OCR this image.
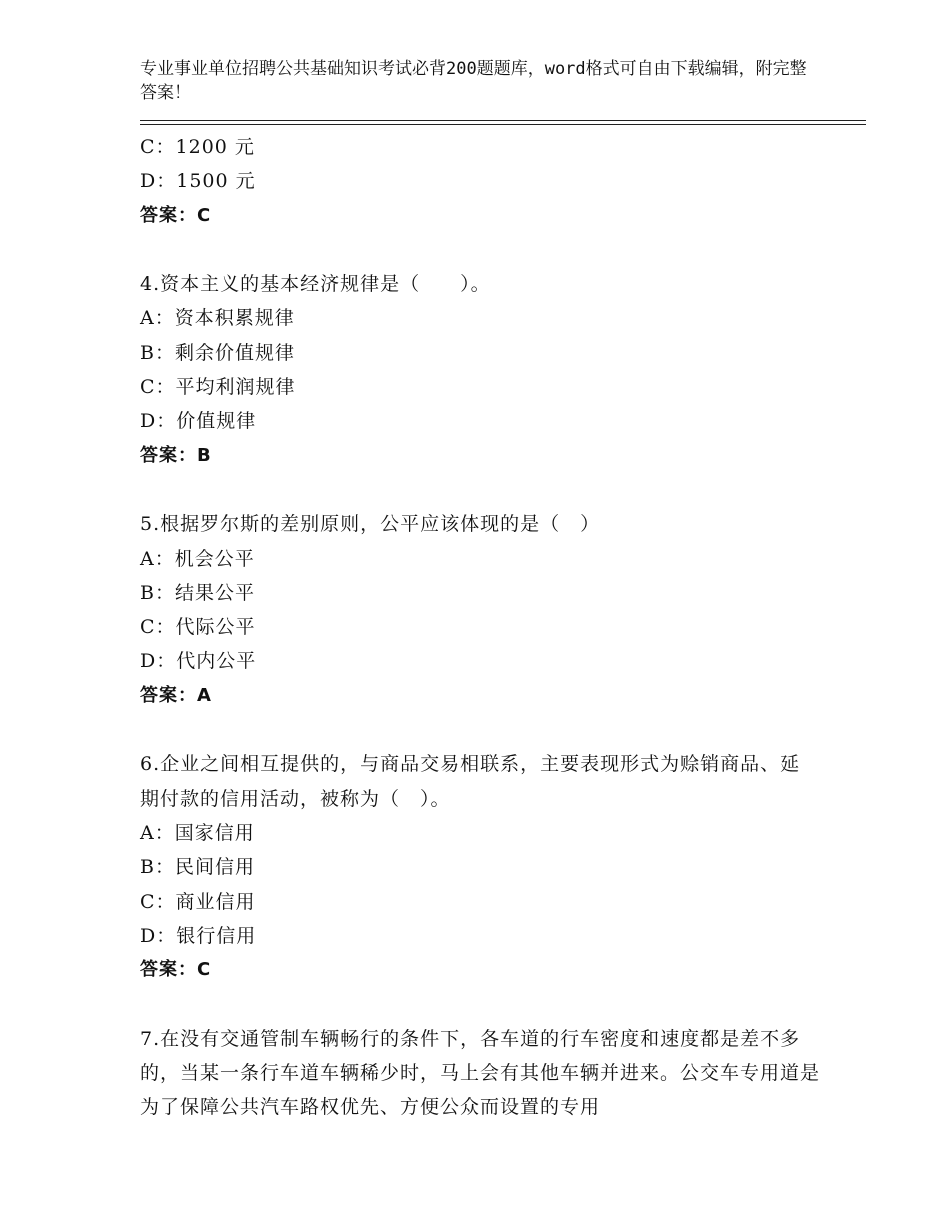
专业事业单位招聘公共基础知识考试必背200题题库，word格式可自由下载编辑，附完整答案！
C：1200 元
D：1500 元
答案：C
4.资本主义的基本经济规律是（　　）。
A：资本积累规律
B：剩余价值规律
C：平均利润规律
D：价值规律
答案：B
5.根据罗尔斯的差别原则，公平应该体现的是（　）
A：机会公平
B：结果公平
C：代际公平
D：代内公平
答案：A
6.企业之间相互提供的，与商品交易相联系，主要表现形式为赊销商品、延期付款的信用活动，被称为（　）。
A：国家信用
B：民间信用
C：商业信用
D：银行信用
答案：C
7.在没有交通管制车辆畅行的条件下，各车道的行车密度和速度都是差不多的，当某一条行车道车辆稀少时，马上会有其他车辆并进来。公交车专用道是为了保障公共汽车路权优先、方便公众而设置的专用
